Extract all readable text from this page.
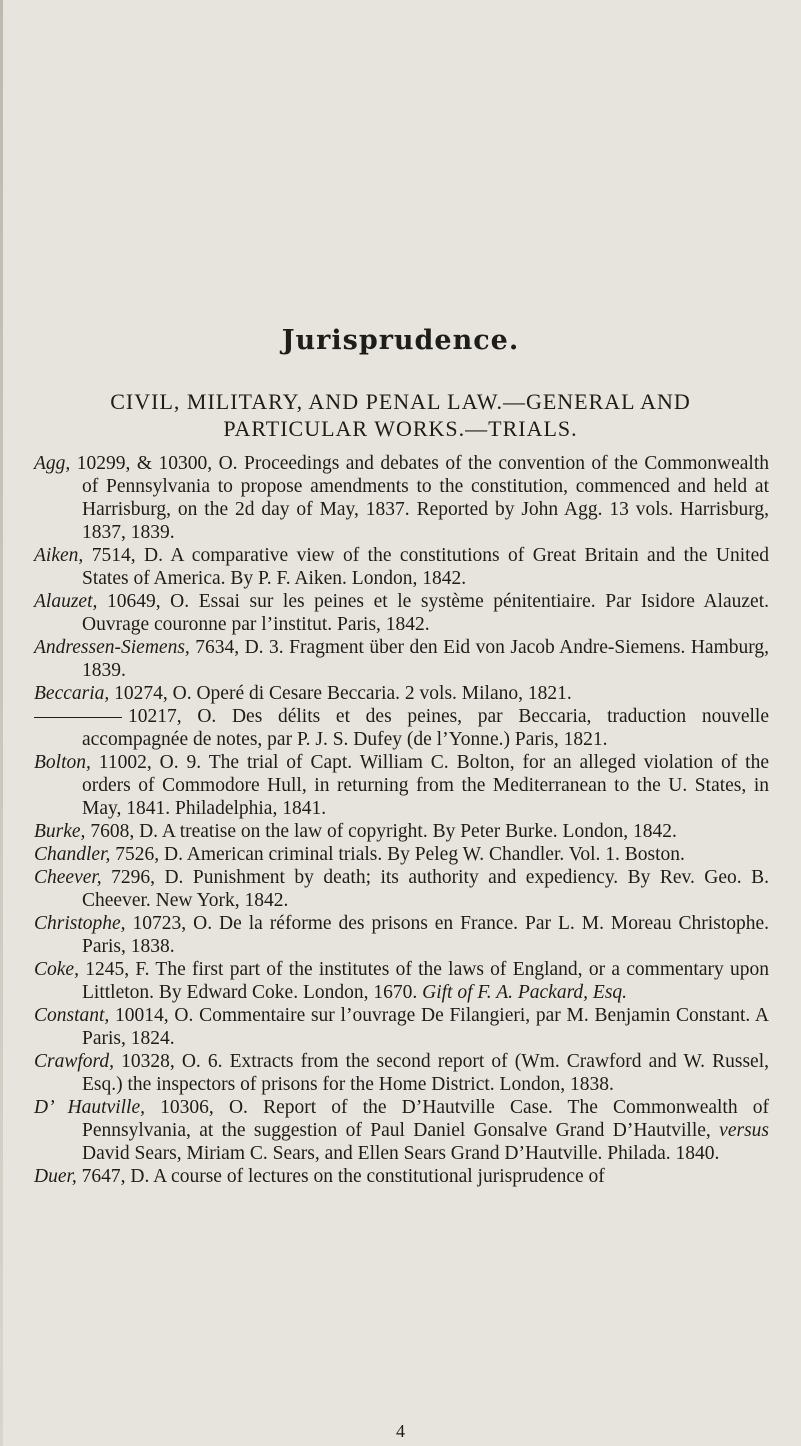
Jurisprudence.
CIVIL, MILITARY, AND PENAL LAW.—GENERAL AND
PARTICULAR WORKS.—TRIALS.

Agg, 10299, & 10300, O. Proceedings and debates of the convention of the Commonwealth of Pennsylvania to propose amendments to the constitution, commenced and held at Harrisburg, on the 2d day of May, 1837. Reported by John Agg. 13 vols. Harrisburg, 1837, 1839.

Aiken, 7514, D. A comparative view of the constitutions of Great Britain and the United States of America. By P. F. Aiken. London, 1842.

Alauzet, 10649, O. Essai sur les peines et le système pénitentiaire. Par Isidore Alauzet. Ouvrage couronne par l’institut. Paris, 1842.

Andressen-Siemens, 7634, D. 3. Fragment über den Eid von Jacob Andre-Siemens. Hamburg, 1839.

Beccaria, 10274, O. Operé di Cesare Beccaria. 2 vols. Milano, 1821.

10217, O. Des délits et des peines, par Beccaria, traduction nouvelle accompagnée de notes, par P. J. S. Dufey (de l’Yonne.) Paris, 1821.

Bolton, 11002, O. 9. The trial of Capt. William C. Bolton, for an alleged violation of the orders of Commodore Hull, in returning from the Mediterranean to the U. States, in May, 1841. Philadelphia, 1841.

Burke, 7608, D. A treatise on the law of copyright. By Peter Burke. London, 1842.

Chandler, 7526, D. American criminal trials. By Peleg W. Chandler. Vol. 1. Boston.

Cheever, 7296, D. Punishment by death; its authority and expediency. By Rev. Geo. B. Cheever. New York, 1842.

Christophe, 10723, O. De la réforme des prisons en France. Par L. M. Moreau Christophe. Paris, 1838.

Coke, 1245, F. The first part of the institutes of the laws of England, or a commentary upon Littleton. By Edward Coke. London, 1670. Gift of F. A. Packard, Esq.

Constant, 10014, O. Commentaire sur l’ouvrage De Filangieri, par M. Benjamin Constant. A Paris, 1824.

Crawford, 10328, O. 6. Extracts from the second report of (Wm. Crawford and W. Russel, Esq.) the inspectors of prisons for the Home District. London, 1838.

D’ Hautville, 10306, O. Report of the D’Hautville Case. The Commonwealth of Pennsylvania, at the suggestion of Paul Daniel Gonsalve Grand D’Hautville, versus David Sears, Miriam C. Sears, and Ellen Sears Grand D’Hautville. Philada. 1840.

Duer, 7647, D. A course of lectures on the constitutional jurisprudence of

4
